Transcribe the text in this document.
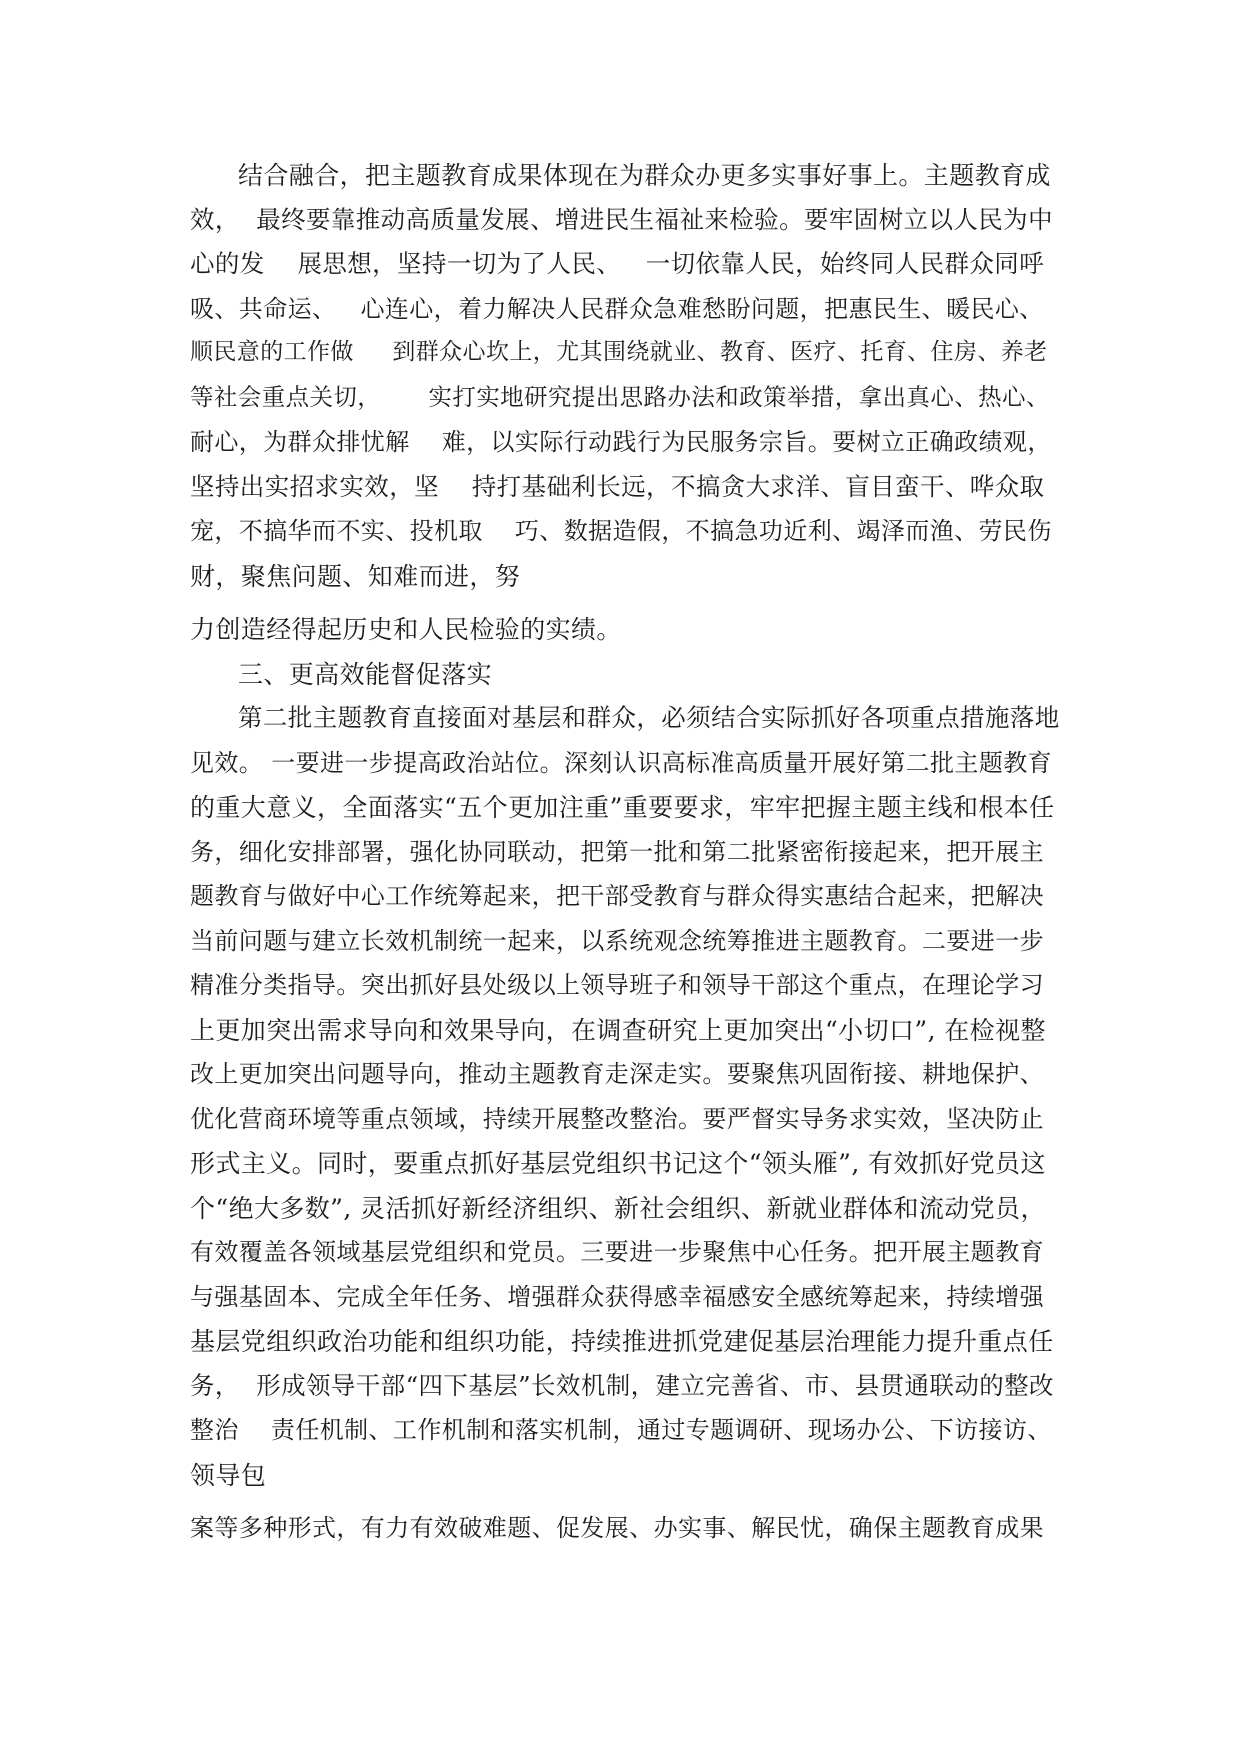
结合融合，把主题教育成果体现在为群众办更多实事好事上。主题教育成
效，  最终要靠推动高质量发展、增进民生福祉来检验。要牢固树立以人民为中
心的发    展思想，坚持一切为了人民、   一切依靠人民，始终同人民群众同呼
吸、共命运、   心连心，着力解决人民群众急难愁盼问题，把惠民生、暖民心、
顺民意的工作做     到群众心坎上，尤其围绕就业、教育、医疗、托育、住房、养老
等社会重点关切，      实打实地研究提出思路办法和政策举措，拿出真心、热心、
耐心，为群众排忧解    难，以实际行动践行为民服务宗旨。要树立正确政绩观，
坚持出实招求实效，坚    持打基础利长远，不搞贪大求洋、盲目蛮干、哗众取
宠，不搞华而不实、投机取    巧、数据造假，不搞急功近利、竭泽而渔、劳民伤
财，聚焦问题、知难而进，努
力创造经得起历史和人民检验的实绩。
三、更高效能督促落实
第二批主题教育直接面对基层和群众，必须结合实际抓好各项重点措施落地
见效。 一要进一步提高政治站位。深刻认识高标准高质量开展好第二批主题教育
的重大意义，全面落实“五个更加注重”重要要求，牢牢把握主题主线和根本任
务，细化安排部署，强化协同联动，把第一批和第二批紧密衔接起来，把开展主
题教育与做好中心工作统筹起来，把干部受教育与群众得实惠结合起来，把解决
当前问题与建立长效机制统一起来，以系统观念统筹推进主题教育。二要进一步
精准分类指导。突出抓好县处级以上领导班子和领导干部这个重点，在理论学习
上更加突出需求导向和效果导向，在调查研究上更加突出“小切口”, 在检视整
改上更加突出问题导向，推动主题教育走深走实。要聚焦巩固衔接、耕地保护、
优化营商环境等重点领域，持续开展整改整治。要严督实导务求实效，坚决防止
形式主义。同时，要重点抓好基层党组织书记这个“领头雁”, 有效抓好党员这
个“绝大多数”, 灵活抓好新经济组织、新社会组织、新就业群体和流动党员，
有效覆盖各领域基层党组织和党员。三要进一步聚焦中心任务。把开展主题教育
与强基固本、完成全年任务、增强群众获得感幸福感安全感统筹起来，持续增强
基层党组织政治功能和组织功能，持续推进抓党建促基层治理能力提升重点任
务，  形成领导干部“四下基层”长效机制，建立完善省、市、县贯通联动的整改
整治    责任机制、工作机制和落实机制，通过专题调研、现场办公、下访接访、
领导包
案等多种形式，有力有效破难题、促发展、办实事、解民忧，确保主题教育成果
